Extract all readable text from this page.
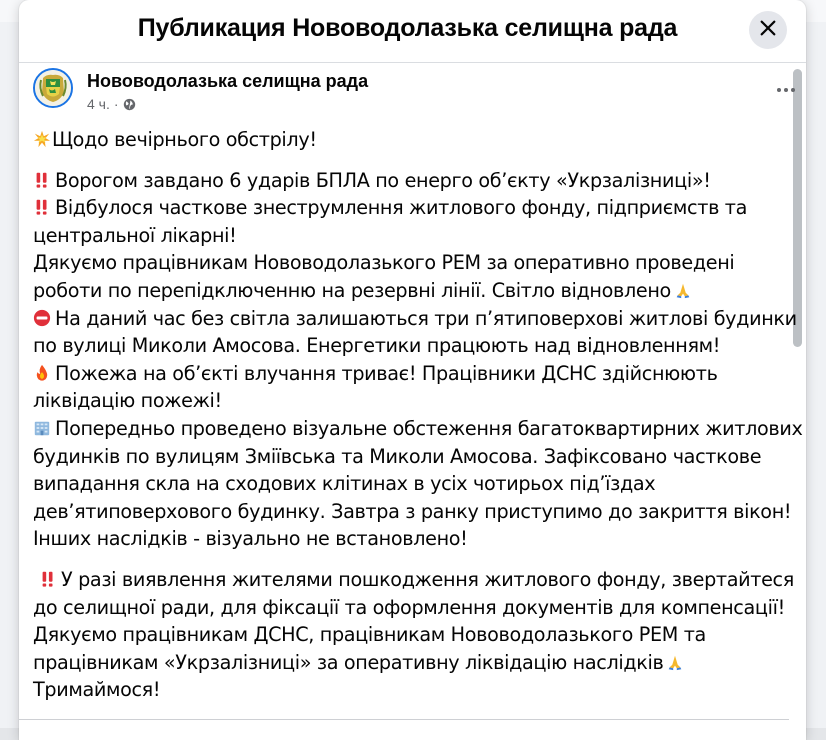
Публикация Нововодолазька селищна рада
Нововодолазька селищна рада
4 ч. ·

Щодо вечірнього обстрілу!

Ворогом завдано 6 ударів БПЛА по енерго об’єкту «Укрзалізниці»!
Відбулося часткове знеструмлення житлового фонду, підприємств та
центральної лікарні!
Дякуємо працівникам Нововодолазького РЕМ за оперативно проведені
роботи по перепідключенню на резервні лінії. Світло відновлено
На даний час без світла залишаються три п’ятиповерхові житлові будинки
по вулиці Миколи Амосова. Енергетики працюють над відновленням!
Пожежа на об’єкті влучання триває! Працівники ДСНС здійснюють
ліквідацію пожежі!
Попередньо проведено візуальне обстеження багатоквартирних житлових
будинків по вулицям Зміївська та Миколи Амосова. Зафіксовано часткове
випадання скла на сходових клітинах в усіх чотирьох під’їздах
дев’ятиповерхового будинку. Завтра з ранку приступимо до закриття вікон!
Інших наслідків - візуально не встановлено!

У разі виявлення жителями пошкодження житлового фонду, звертайтеся
до селищної ради, для фіксації та оформлення документів для компенсації!
Дякуємо працівникам ДСНС, працівникам Нововодолазького РЕМ та
працівникам «Укрзалізниці» за оперативну ліквідацію наслідків
Тримаймося!
